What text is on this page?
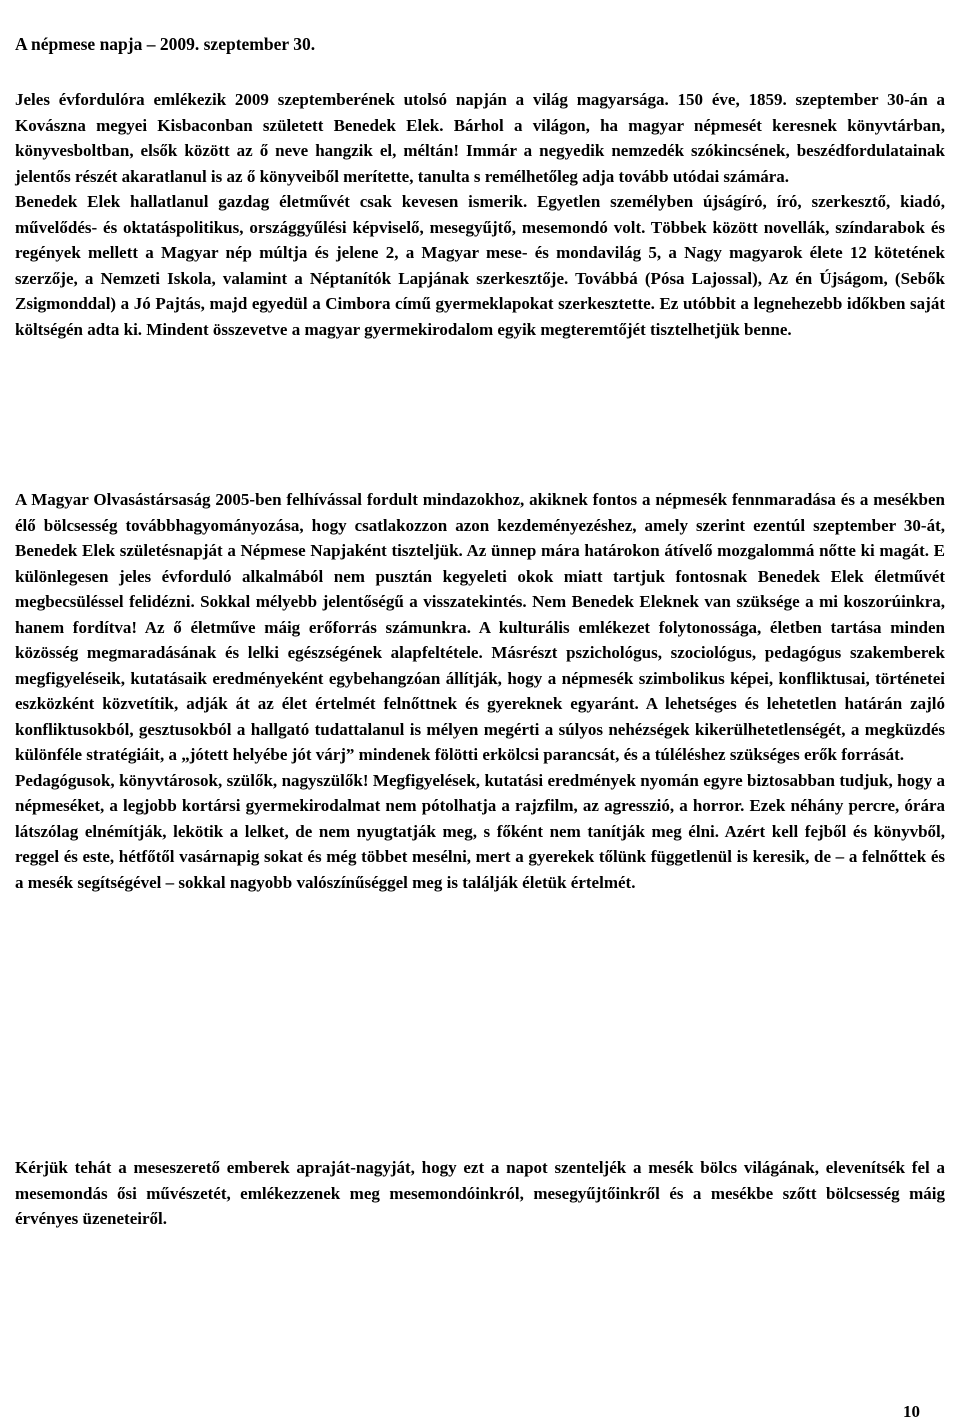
A népmese napja – 2009. szeptember 30.

Jeles évfordulóra emlékezik 2009 szeptemberének utolsó napján a világ magyarsága. 150 éve, 1859. szeptember 30-án a Kovászna megyei Kisbaconban született Benedek Elek. Bárhol a világon, ha magyar népmesét keresnek könyvtárban, könyvesboltban, elsők között az ő neve hangzik el, méltán! Immár a negyedik nemzedék szókincsének, beszédfordulatainak jelentős részét akaratlanul is az ő könyveiből merítette, tanulta s remélhetőleg adja tovább utódai számára.

Benedek Elek hallatlanul gazdag életművét csak kevesen ismerik. Egyetlen személyben újságíró, író, szerkesztő, kiadó, művelődés- és oktatáspolitikus, országgyűlési képviselő, mesegyűjtő, mesemondó volt. Többek között novellák, színdarabok és regények mellett a Magyar nép múltja és jelene 2, a Magyar mese- és mondavilág 5, a Nagy magyarok élete 12 kötetének szerzője, a Nemzeti Iskola, valamint a Néptanítók Lapjának szerkesztője. Továbbá (Pósa Lajossal), Az én Újságom, (Sebők Zsigmonddal) a Jó Pajtás, majd egyedül a Cimbora című gyermeklapokat szerkesztette. Ez utóbbit a legnehezebb időkben saját költségén adta ki. Mindent összevetve a magyar gyermekirodalom egyik megteremtőjét tisztelhetjük benne.

A Magyar Olvasástársaság 2005-ben felhívással fordult mindazokhoz, akiknek fontos a népmesék fennmaradása és a mesékben élő bölcsesség továbbhagyományozása, hogy csatlakozzon azon kezdeményezéshez, amely szerint ezentúl szeptember 30-át, Benedek Elek születésnapját a Népmese Napjaként tiszteljük. Az ünnep mára határokon átívelő mozgalommá nőtte ki magát. E különlegesen jeles évforduló alkalmából nem pusztán kegyeleti okok miatt tartjuk fontosnak Benedek Elek életművét megbecsüléssel felidézni. Sokkal mélyebb jelentőségű a visszatekintés. Nem Benedek Eleknek van szüksége a mi koszorúinkra, hanem fordítva! Az ő életműve máig erőforrás számunkra. A kulturális emlékezet folytonossága, életben tartása minden közösség megmaradásának és lelki egészségének alapfeltétele. Másrészt pszichológus, szociológus, pedagógus szakemberek megfigyeléseik, kutatásaik eredményeként egybehangzóan állítják, hogy a népmesék szimbolikus képei, konfliktusai, történetei eszközként közvetítik, adják át az élet értelmét felnőttnek és gyereknek egyaránt. A lehetséges és lehetetlen határán zajló konfliktusokból, gesztusokból a hallgató tudattalanul is mélyen megérti a súlyos nehézségek kikerülhetetlenségét, a megküzdés különféle stratégiáit, a „jótett helyébe jót várj” mindenek fölötti erkölcsi parancsát, és a túléléshez szükséges erők forrását.

Pedagógusok, könyvtárosok, szülők, nagyszülők! Megfigyelések, kutatási eredmények nyomán egyre biztosabban tudjuk, hogy a népmeséket, a legjobb kortársi gyermekirodalmat nem pótolhatja a rajzfilm, az agresszió, a horror. Ezek néhány percre, órára látszólag elnémítják, lekötik a lelket, de nem nyugtatják meg, s főként nem tanítják meg élni. Azért kell fejből és könyvből, reggel és este, hétfőtől vasárnapig sokat és még többet mesélni, mert a gyerekek tőlünk függetlenül is keresik, de – a felnőttek és a mesék segítségével – sokkal nagyobb valószínűséggel meg is találják életük értelmét.

Kérjük tehát a meseszerető emberek apraját-nagyját, hogy ezt a napot szenteljék a mesék bölcs világának, elevenítsék fel a mesemondás ősi művészetét, emlékezzenek meg mesemondóinkról, mesegyűjtőinkről és a mesékbe szőtt bölcsesség máig érvényes üzeneteiről.

10
